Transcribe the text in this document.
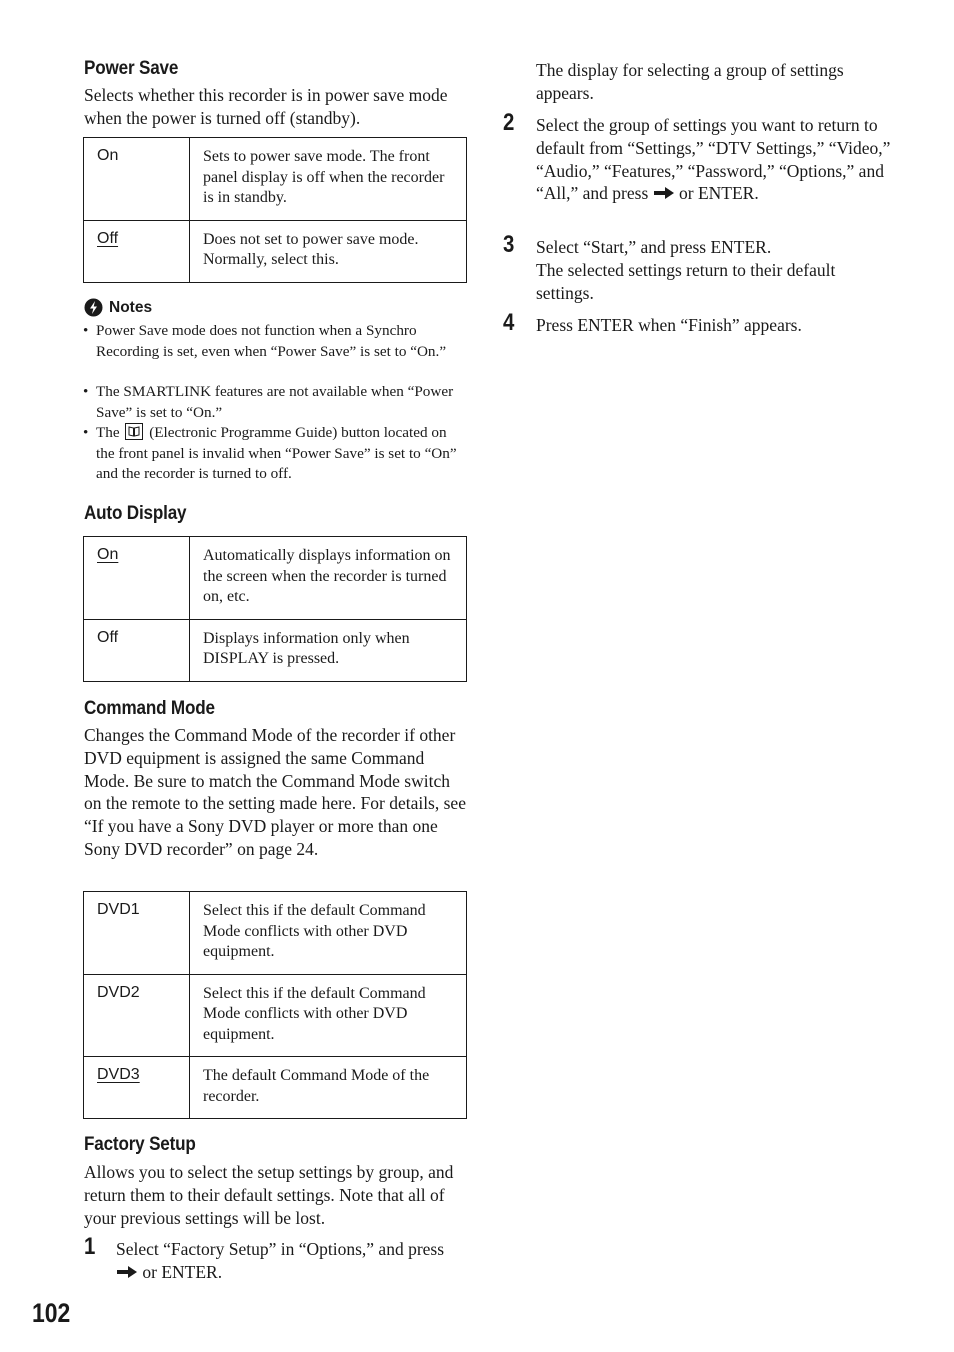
Power Save
Selects whether this recorder is in power save mode when the power is turned off (standby).
On	Sets to power save mode. The front panel display is off when the recorder is in standby.
Off	Does not set to power save mode. Normally, select this.
Notes
• Power Save mode does not function when a Synchro Recording is set, even when “Power Save” is set to “On.”
• The SMARTLINK features are not available when “Power Save” is set to “On.”
• The (Electronic Programme Guide) button located on the front panel is invalid when “Power Save” is set to “On” and the recorder is turned to off.
Auto Display
On	Automatically displays information on the screen when the recorder is turned on, etc.
Off	Displays information only when DISPLAY is pressed.
Command Mode
Changes the Command Mode of the recorder if other DVD equipment is assigned the same Command Mode. Be sure to match the Command Mode switch on the remote to the setting made here. For details, see “If you have a Sony DVD player or more than one Sony DVD recorder” on page 24.
DVD1	Select this if the default Command Mode conflicts with other DVD equipment.
DVD2	Select this if the default Command Mode conflicts with other DVD equipment.
DVD3	The default Command Mode of the recorder.
Factory Setup
Allows you to select the setup settings by group, and return them to their default settings. Note that all of your previous settings will be lost.
1 Select “Factory Setup” in “Options,” and press  or ENTER.
102
The display for selecting a group of settings appears.
2 Select the group of settings you want to return to default from “Settings,” “DTV Settings,” “Video,” “Audio,” “Features,” “Password,” “Options,” and “All,” and press or ENTER.
3 Select “Start,” and press ENTER.
The selected settings return to their default settings.
4 Press ENTER when “Finish” appears.
